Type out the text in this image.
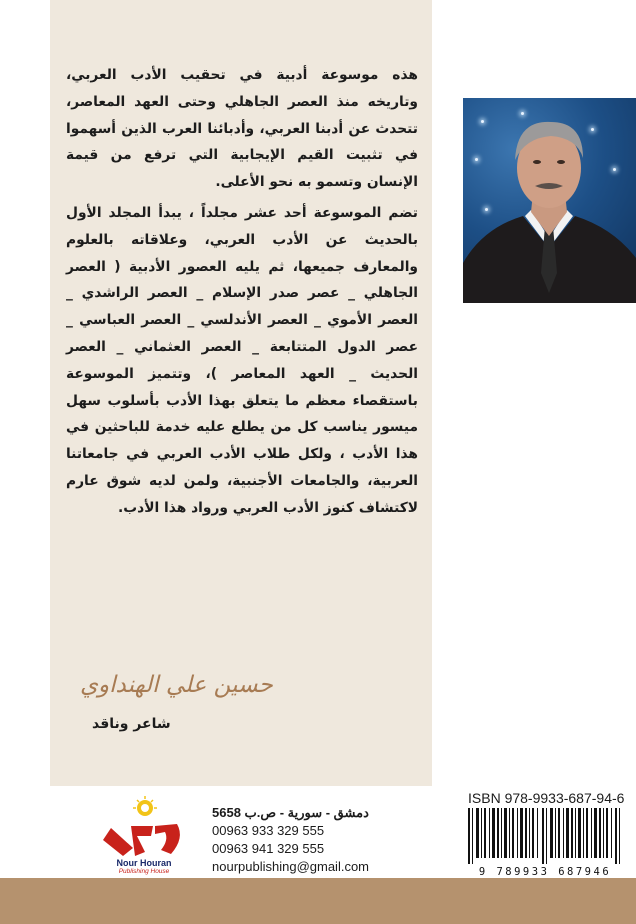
هذه موسوعة أدبية في تحقيب الأدب العربي، وتاريخه منذ العصر الجاهلي وحتى العهد المعاصر، تتحدث عن أدبنا العربي، وأدبائنا العرب الذين أسهموا في تثبيت القيم الإيجابية التي ترفع من قيمة الإنسان وتسمو به نحو الأعلى.

تضم الموسوعة أحد عشر مجلداً ، يبدأ المجلد الأول بالحديث عن الأدب العربي، وعلاقاته بالعلوم والمعارف جميعها، ثم يليه العصور الأدبية ( العصر الجاهلي _ عصر صدر الإسلام _ العصر الراشدي _ العصر الأموي _ العصر الأندلسي _ العصر العباسي _ عصر الدول المتتابعة _ العصر العثماني _ العصر الحديث _ العهد المعاصر )، وتتميز الموسوعة باستقصاء معظم ما يتعلق بهذا الأدب بأسلوب سهل ميسور يناسب كل من يطلع عليه خدمة للباحثين في هذا الأدب ، ولكل طلاب الأدب العربي في جامعاتنا العربية، والجامعات الأجنبية، ولمن لديه شوق عارم لاكتشاف كنوز الأدب العربي ورواد هذا الأدب.

حسين علي الهنداوي
شاعر وناقد
ISBN 978-9933-687-94-6
9 789933 687946
دمشق - سورية - ص.ب 5658
00963 933 329 555
00963 941 329 555
nourpublishing@gmail.com
Nour Houran
Publishing House
